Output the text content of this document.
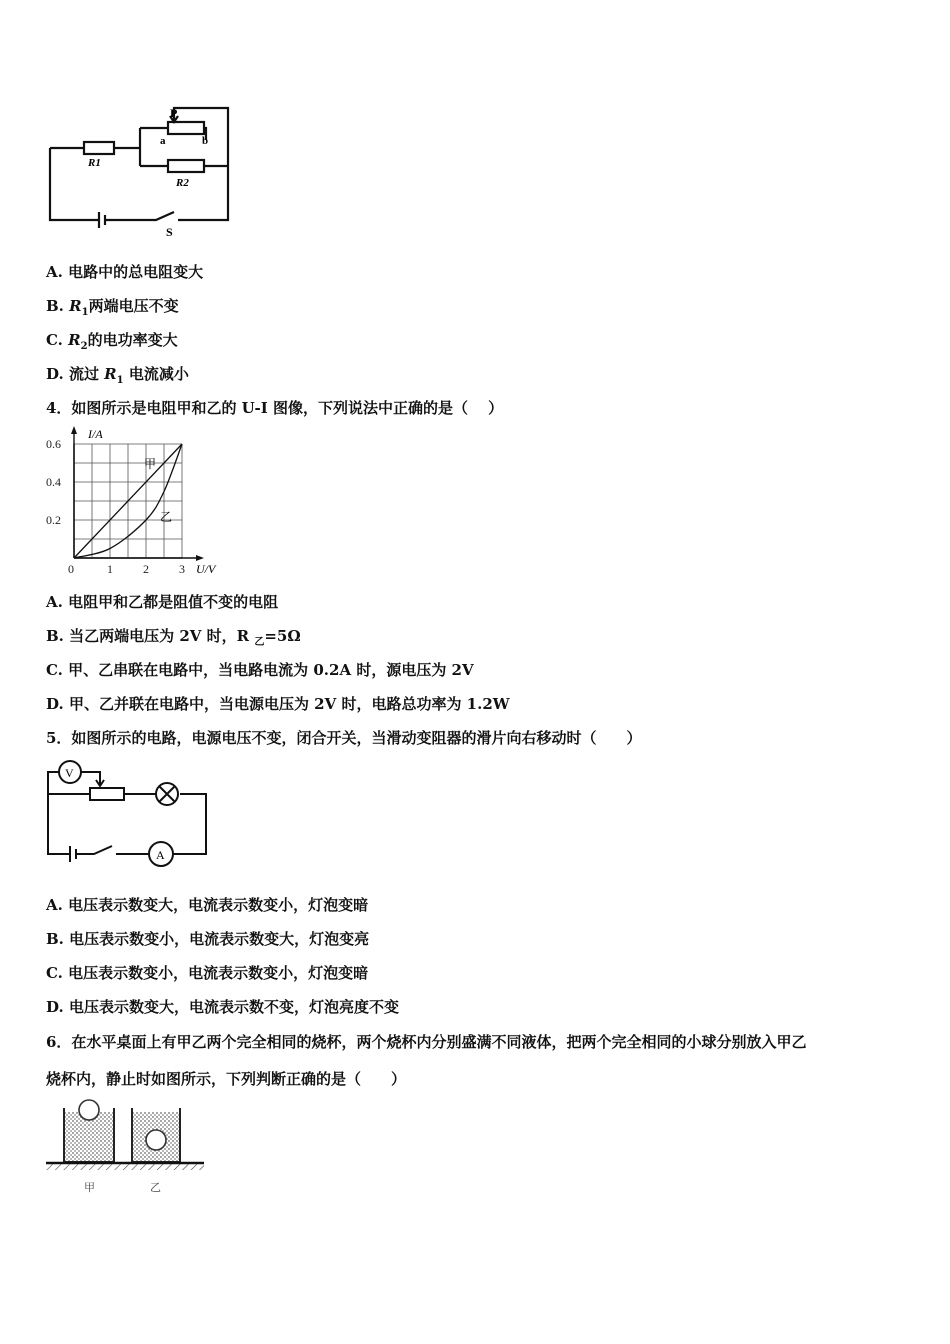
P
a	b
R1
R2
S
A. 电路中的总电阻变大
B. $R_1$两端电压不变
C. $R_2$的电功率变大
D. 流过 $R_1$ 电流减小
4．如图所示是电阻甲和乙的 U-I 图像，下列说法中正确的是（　 ）
0	1	2	3
0.2
0.4
0.6
I/A
U/V
甲
乙
A. 电阻甲和乙都是阻值不变的电阻
B. 当乙两端电压为 2V 时，R $_乙$=5Ω
C. 甲、乙串联在电路中，当电路电流为 0.2A 时，源电压为 2V
D. 甲、乙并联在电路中，当电源电压为 2V 时，电路总功率为 1.2W
5．如图所示的电路，电源电压不变，闭合开关，当滑动变阻器的滑片向右移动时（　　）
V
A
A. 电压表示数变大，电流表示数变小，灯泡变暗
B. 电压表示数变小，电流表示数变大，灯泡变亮
C. 电压表示数变小，电流表示数变小，灯泡变暗
D. 电压表示数变大，电流表示数不变，灯泡亮度不变
6．在水平桌面上有甲乙两个完全相同的烧杯，两个烧杯内分别盛满不同液体，把两个完全相同的小球分别放入甲乙
烧杯内，静止时如图所示，下列判断正确的是（　　）
甲	乙
